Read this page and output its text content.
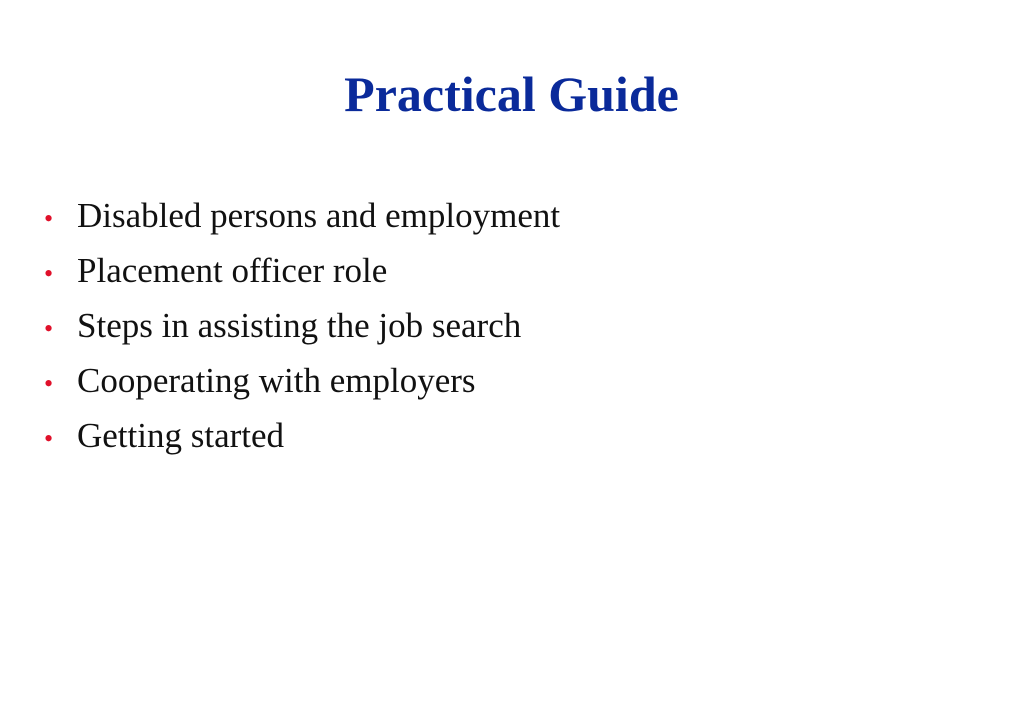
Practical Guide
• Disabled persons and employment
• Placement officer role
• Steps in assisting the job search
• Cooperating with employers
• Getting started
